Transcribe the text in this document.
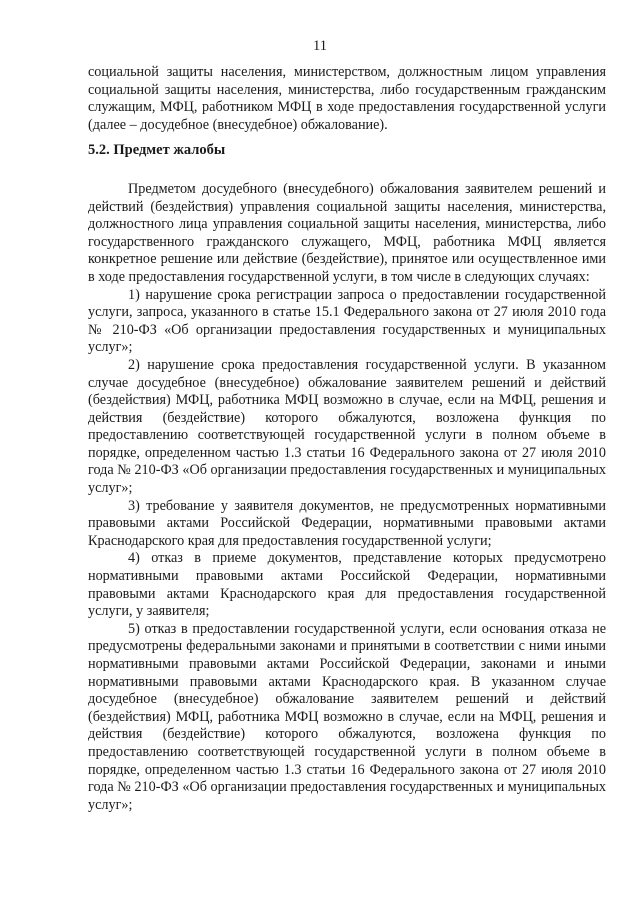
11

социальной защиты населения, министерством, должностным лицом управления социальной защиты населения, министерства, либо государственным гражданским служащим, МФЦ, работником МФЦ в ходе предоставления государственной услуги (далее – досудебное (внесудебное) обжалование).

5.2. Предмет жалобы

Предметом досудебного (внесудебного) обжалования заявителем решений и действий (бездействия) управления социальной защиты населения, министерства, должностного лица управления социальной защиты населения, министерства, либо государственного гражданского служащего, МФЦ, работника МФЦ является конкретное решение или действие (бездействие), принятое или осуществленное ими в ходе предоставления государственной услуги, в том числе в следующих случаях:

1) нарушение срока регистрации запроса о предоставлении государственной услуги, запроса, указанного в статье 15.1 Федерального закона от 27 июля 2010 года № 210-ФЗ «Об организации предоставления государственных и муниципальных услуг»;

2) нарушение срока предоставления государственной услуги. В указанном случае досудебное (внесудебное) обжалование заявителем решений и действий (бездействия) МФЦ, работника МФЦ возможно в случае, если на МФЦ, решения и действия (бездействие) которого обжалуются, возложена функция по предоставлению соответствующей государственной услуги в полном объеме в порядке, определенном частью 1.3 статьи 16 Федерального закона от 27 июля 2010 года № 210-ФЗ «Об организации предоставления государственных и муниципальных услуг»;

3) требование у заявителя документов, не предусмотренных нормативными правовыми актами Российской Федерации, нормативными правовыми актами Краснодарского края для предоставления государственной услуги;

4) отказ в приеме документов, представление которых предусмотрено нормативными правовыми актами Российской Федерации, нормативными правовыми актами Краснодарского края для предоставления государственной услуги, у заявителя;

5) отказ в предоставлении государственной услуги, если основания отказа не предусмотрены федеральными законами и принятыми в соответствии с ними иными нормативными правовыми актами Российской Федерации, законами и иными нормативными правовыми актами Краснодарского края. В указанном случае досудебное (внесудебное) обжалование заявителем решений и действий (бездействия) МФЦ, работника МФЦ возможно в случае, если на МФЦ, решения и действия (бездействие) которого обжалуются, возложена функция по предоставлению соответствующей государственной услуги в полном объеме в порядке, определенном частью 1.3 статьи 16 Федерального закона от 27 июля 2010 года № 210-ФЗ «Об организации предоставления государственных и муниципальных услуг»;
